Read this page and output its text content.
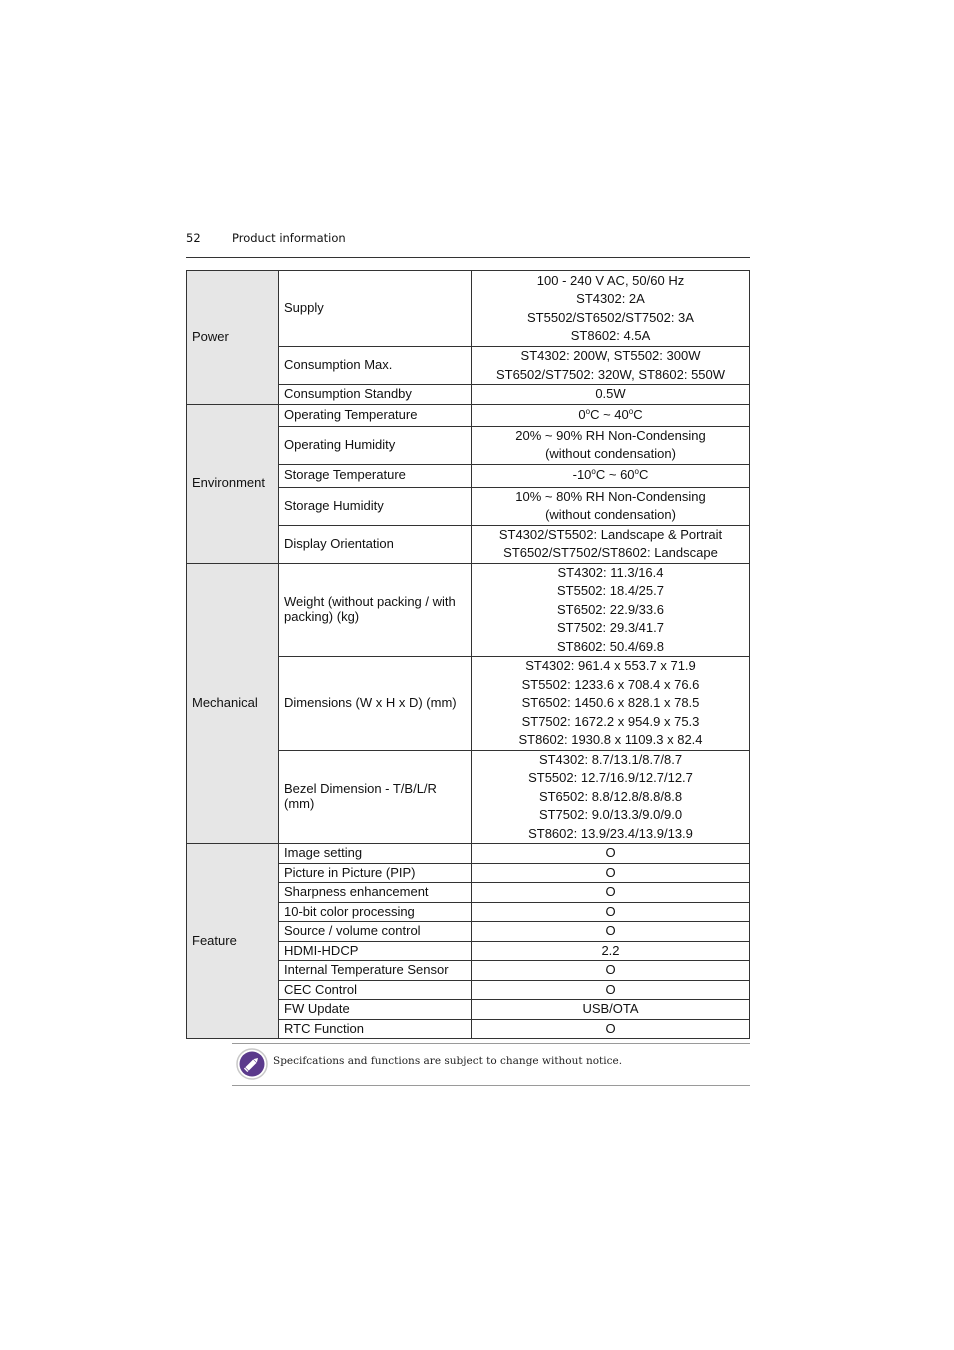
52	Product information
Power	Supply	100 - 240 V AC, 50/60 Hz
ST4302: 2A
ST5502/ST6502/ST7502: 3A
ST8602: 4.5A

	Consumption Max.	ST4302: 200W, ST5502: 300W
ST6502/ST7502: 320W, ST8602: 550W

	Consumption Standby	0.5W
Environment	Operating Temperature	0$^o$C ~ 40$^o$C
	Operating Humidity	20% ~ 90% RH Non-Condensing
(without condensation)

	Storage Temperature	-10$^o$C ~ 60$^o$C
	Storage Humidity	10% ~ 80% RH Non-Condensing
(without condensation)

	Display Orientation	ST4302/ST5502: Landscape & Portrait
ST6502/ST7502/ST8602: Landscape

Mechanical	Weight (without packing / with packing) (kg)	ST4302: 11.3/16.4
ST5502: 18.4/25.7
ST6502: 22.9/33.6
ST7502: 29.3/41.7
ST8602: 50.4/69.8

	Dimensions (W x H x D) (mm)	ST4302: 961.4 x 553.7 x 71.9
ST5502: 1233.6 x 708.4 x 76.6
ST6502: 1450.6 x 828.1 x 78.5
ST7502: 1672.2 x 954.9 x 75.3
ST8602: 1930.8 x 1109.3 x 82.4

	Bezel Dimension - T/B/L/R (mm)	ST4302: 8.7/13.1/8.7/8.7
ST5502: 12.7/16.9/12.7/12.7
ST6502: 8.8/12.8/8.8/8.8
ST7502: 9.0/13.3/9.0/9.0
ST8602: 13.9/23.4/13.9/13.9

Feature	Image setting	O
	Picture in Picture (PIP)	O
	Sharpness enhancement	O
	10-bit color processing	O
	Source / volume control	O
	HDMI-HDCP	2.2
	Internal Temperature Sensor	O
	CEC Control	O
	FW Update	USB/OTA
	RTC Function	O
Specifcations and functions are subject to change without notice.
